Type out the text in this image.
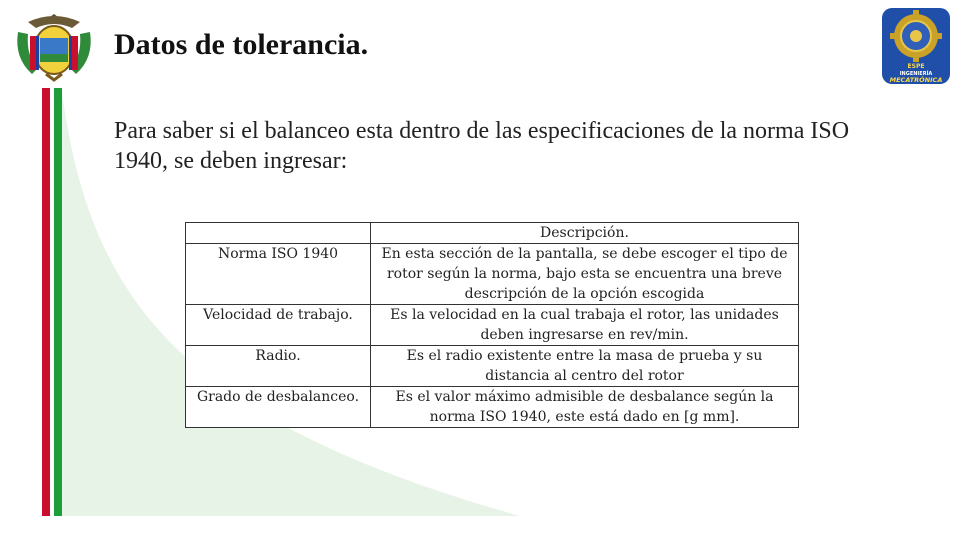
ESPE
INGENIERÍA
MECATRÓNICA
Datos de tolerancia.
Para saber si el balanceo esta dentro de las especificaciones de la norma ISO 1940, se deben ingresar:
	Descripción.
Norma ISO 1940	En esta sección de la pantalla, se debe escoger el tipo de rotor según la norma, bajo esta se encuentra una breve descripción de la opción escogida
Velocidad de trabajo.	Es la velocidad en la cual trabaja el rotor, las unidades deben ingresarse en rev/min.
Radio.	Es el radio existente entre la masa de prueba y su distancia al centro del rotor
Grado de desbalanceo.	Es el valor máximo admisible de desbalance según la norma ISO 1940, este está dado en [g mm].
